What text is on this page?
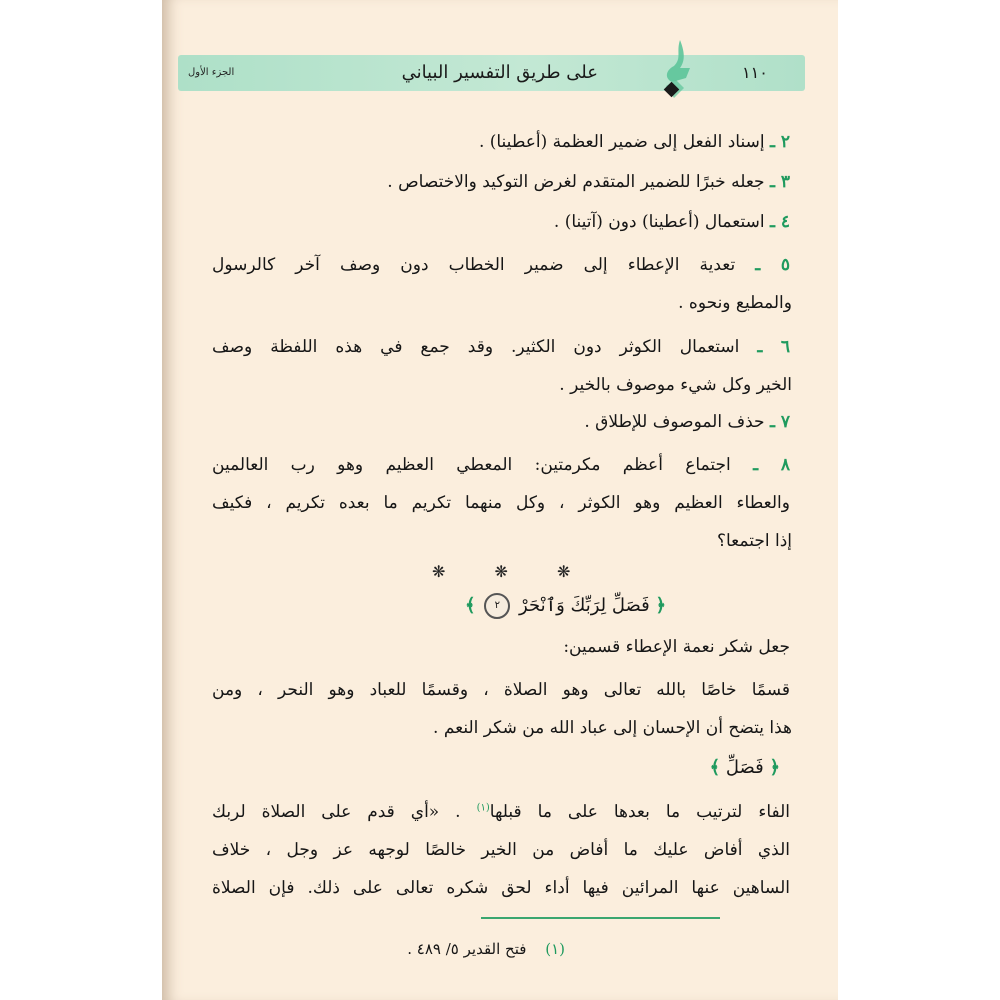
الجزء الأول	على طريق التفسير البياني	١١٠
٢ ـ إسناد الفعل إلى ضمير العظمة (أعطينا) .
٣ ـ جعله خبرًا للضمير المتقدم لغرض التوكيد والاختصاص .
٤ ـ استعمال (أعطينا) دون (آتينا) .
٥ ـ تعدية الإعطاء إلى ضمير الخطاب دون وصف آخر كالرسول
والمطيع ونحوه .
٦ ـ استعمال الكوثر دون الكثير. وقد جمع في هذه اللفظة وصف
الخير وكل شيء موصوف بالخير .
٧ ـ حذف الموصوف للإطلاق .
٨ ـ اجتماع أعظم مكرمتين: المعطي العظيم وهو رب العالمين
والعطاء العظيم وهو الكوثر ، وكل منهما تكريم ما بعده تكريم ، فكيف
إذا اجتمعا؟
❋ ❋ ❋
﴿ فَصَلِّ لِرَبِّكَ وَٱنْحَرْ ٢ ﴾
جعل شكر نعمة الإعطاء قسمين:
قسمًا خاصًا بالله تعالى وهو الصلاة ، وقسمًا للعباد وهو النحر ، ومن
هذا يتضح أن الإحسان إلى عباد الله من شكر النعم .
﴿ فَصَلِّ ﴾
الفاء لترتيب ما بعدها على ما قبلها$^{(١)}$ . «أي قدم على الصلاة لربك
الذي أفاض عليك ما أفاض من الخير خالصًا لوجهه عز وجل ، خلاف
الساهين عنها المرائين فيها أداء لحق شكره تعالى على ذلك. فإن الصلاة
(١) فتح القدير ٥/ ٤٨٩ .
